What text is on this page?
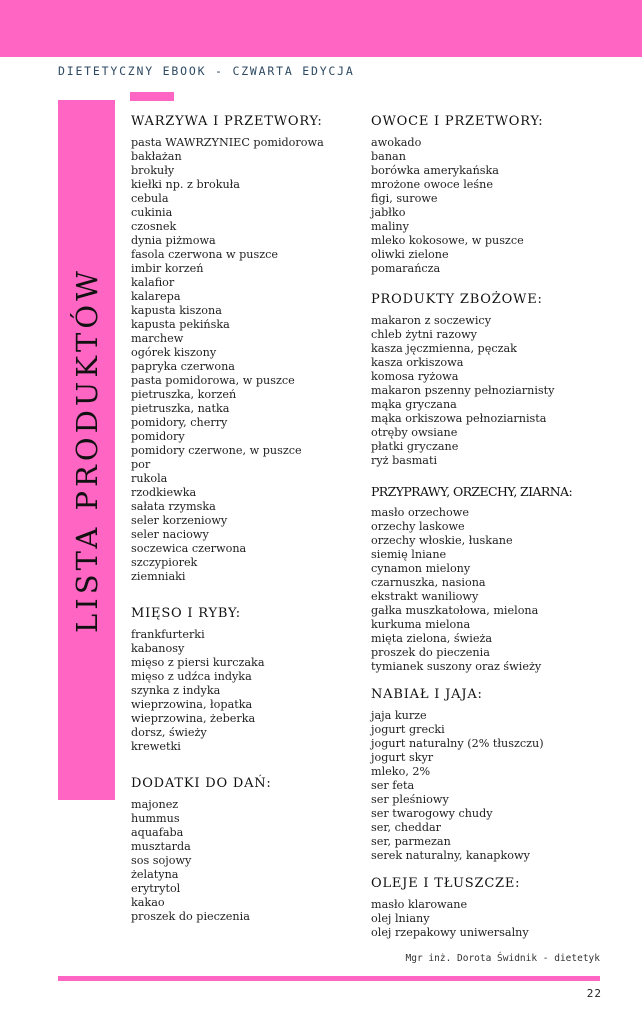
DIETETYCZNY EBOOK - CZWARTA EDYCJA
LISTA PRODUKTÓW
WARZYWA I PRZETWORY:
pasta WAWRZYNIEC pomidorowa
bakłażan
brokuły
kiełki np. z brokuła
cebula
cukinia
czosnek
dynia piżmowa
fasola czerwona w puszce
imbir korzeń
kalafior
kalarepa
kapusta kiszona
kapusta pekińska
marchew
ogórek kiszony
papryka czerwona
pasta pomidorowa, w puszce
pietruszka, korzeń
pietruszka, natka
pomidory, cherry
pomidory
pomidory czerwone, w puszce
por
rukola
rzodkiewka
sałata rzymska
seler korzeniowy
seler naciowy
soczewica czerwona
szczypiorek
ziemniaki
MIĘSO I RYBY:
frankfurterki
kabanosy
mięso z piersi kurczaka
mięso z udźca indyka
szynka z indyka
wieprzowina, łopatka
wieprzowina, żeberka
dorsz, świeży
krewetki
DODATKI DO DAŃ:
majonez
hummus
aquafaba
musztarda
sos sojowy
żelatyna
erytrytol
kakao
proszek do pieczenia
OWOCE I PRZETWORY:
awokado
banan
borówka amerykańska
mrożone owoce leśne
figi, surowe
jabłko
maliny
mleko kokosowe, w puszce
oliwki zielone
pomarańcza
PRODUKTY ZBOŻOWE:
makaron z soczewicy
chleb żytni razowy
kasza jęczmienna, pęczak
kasza orkiszowa
komosa ryżowa
makaron pszenny pełnoziarnisty
mąka gryczana
mąka orkiszowa pełnoziarnista
otręby owsiane
płatki gryczane
ryż basmati
PRZYPRAWY, ORZECHY, ZIARNA:
masło orzechowe
orzechy laskowe
orzechy włoskie, łuskane
siemię lniane
cynamon mielony
czarnuszka, nasiona
ekstrakt waniliowy
gałka muszkatołowa, mielona
kurkuma mielona
mięta zielona, świeża
proszek do pieczenia
tymianek suszony oraz świeży
NABIAŁ I JAJA:
jaja kurze
jogurt grecki
jogurt naturalny (2% tłuszczu)
jogurt skyr
mleko, 2%
ser feta
ser pleśniowy
ser twarogowy chudy
ser, cheddar
ser, parmezan
serek naturalny, kanapkowy
OLEJE I TŁUSZCZE:
masło klarowane
olej lniany
olej rzepakowy uniwersalny
Mgr inż. Dorota Świdnik - dietetyk
22
